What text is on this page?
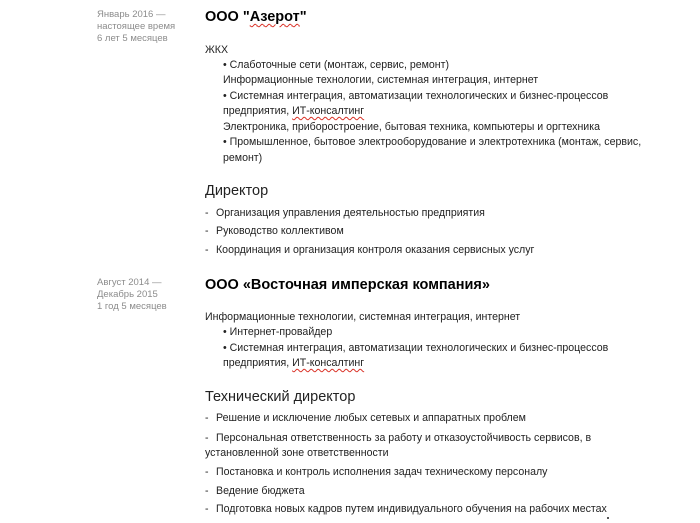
Январь 2016 —
настоящее время
6 лет 5 месяцев
ООО "Азерот"
ЖКХ
• Слаботочные сети (монтаж, сервис, ремонт)
Информационные технологии, системная интеграция, интернет
• Системная интеграция, автоматизации технологических и бизнес-процессов
предприятия, ИТ-консалтинг
Электроника, приборостроение, бытовая техника, компьютеры и оргтехника
• Промышленное, бытовое электрооборудование и электротехника (монтаж, сервис,
ремонт)
Директор
- Организация управления деятельностью предприятия
- Руководство коллективом
- Координация и организация контроля оказания сервисных услуг
Август 2014 —
Декабрь 2015
1 год 5 месяцев
ООО «Восточная имперская компания»
Информационные технологии, системная интеграция, интернет
• Интернет-провайдер
• Системная интеграция, автоматизации технологических и бизнес-процессов
предприятия, ИТ-консалтинг
Технический директор
- Решение и исключение любых сетевых и аппаратных проблем
- Персональная ответственность за работу и отказоустойчивость сервисов, в
установленной зоне ответственности
- Постановка и контроль исполнения задач техническому персоналу
- Ведение бюджета
- Подготовка новых кадров путем индивидуального обучения на рабочих местах
